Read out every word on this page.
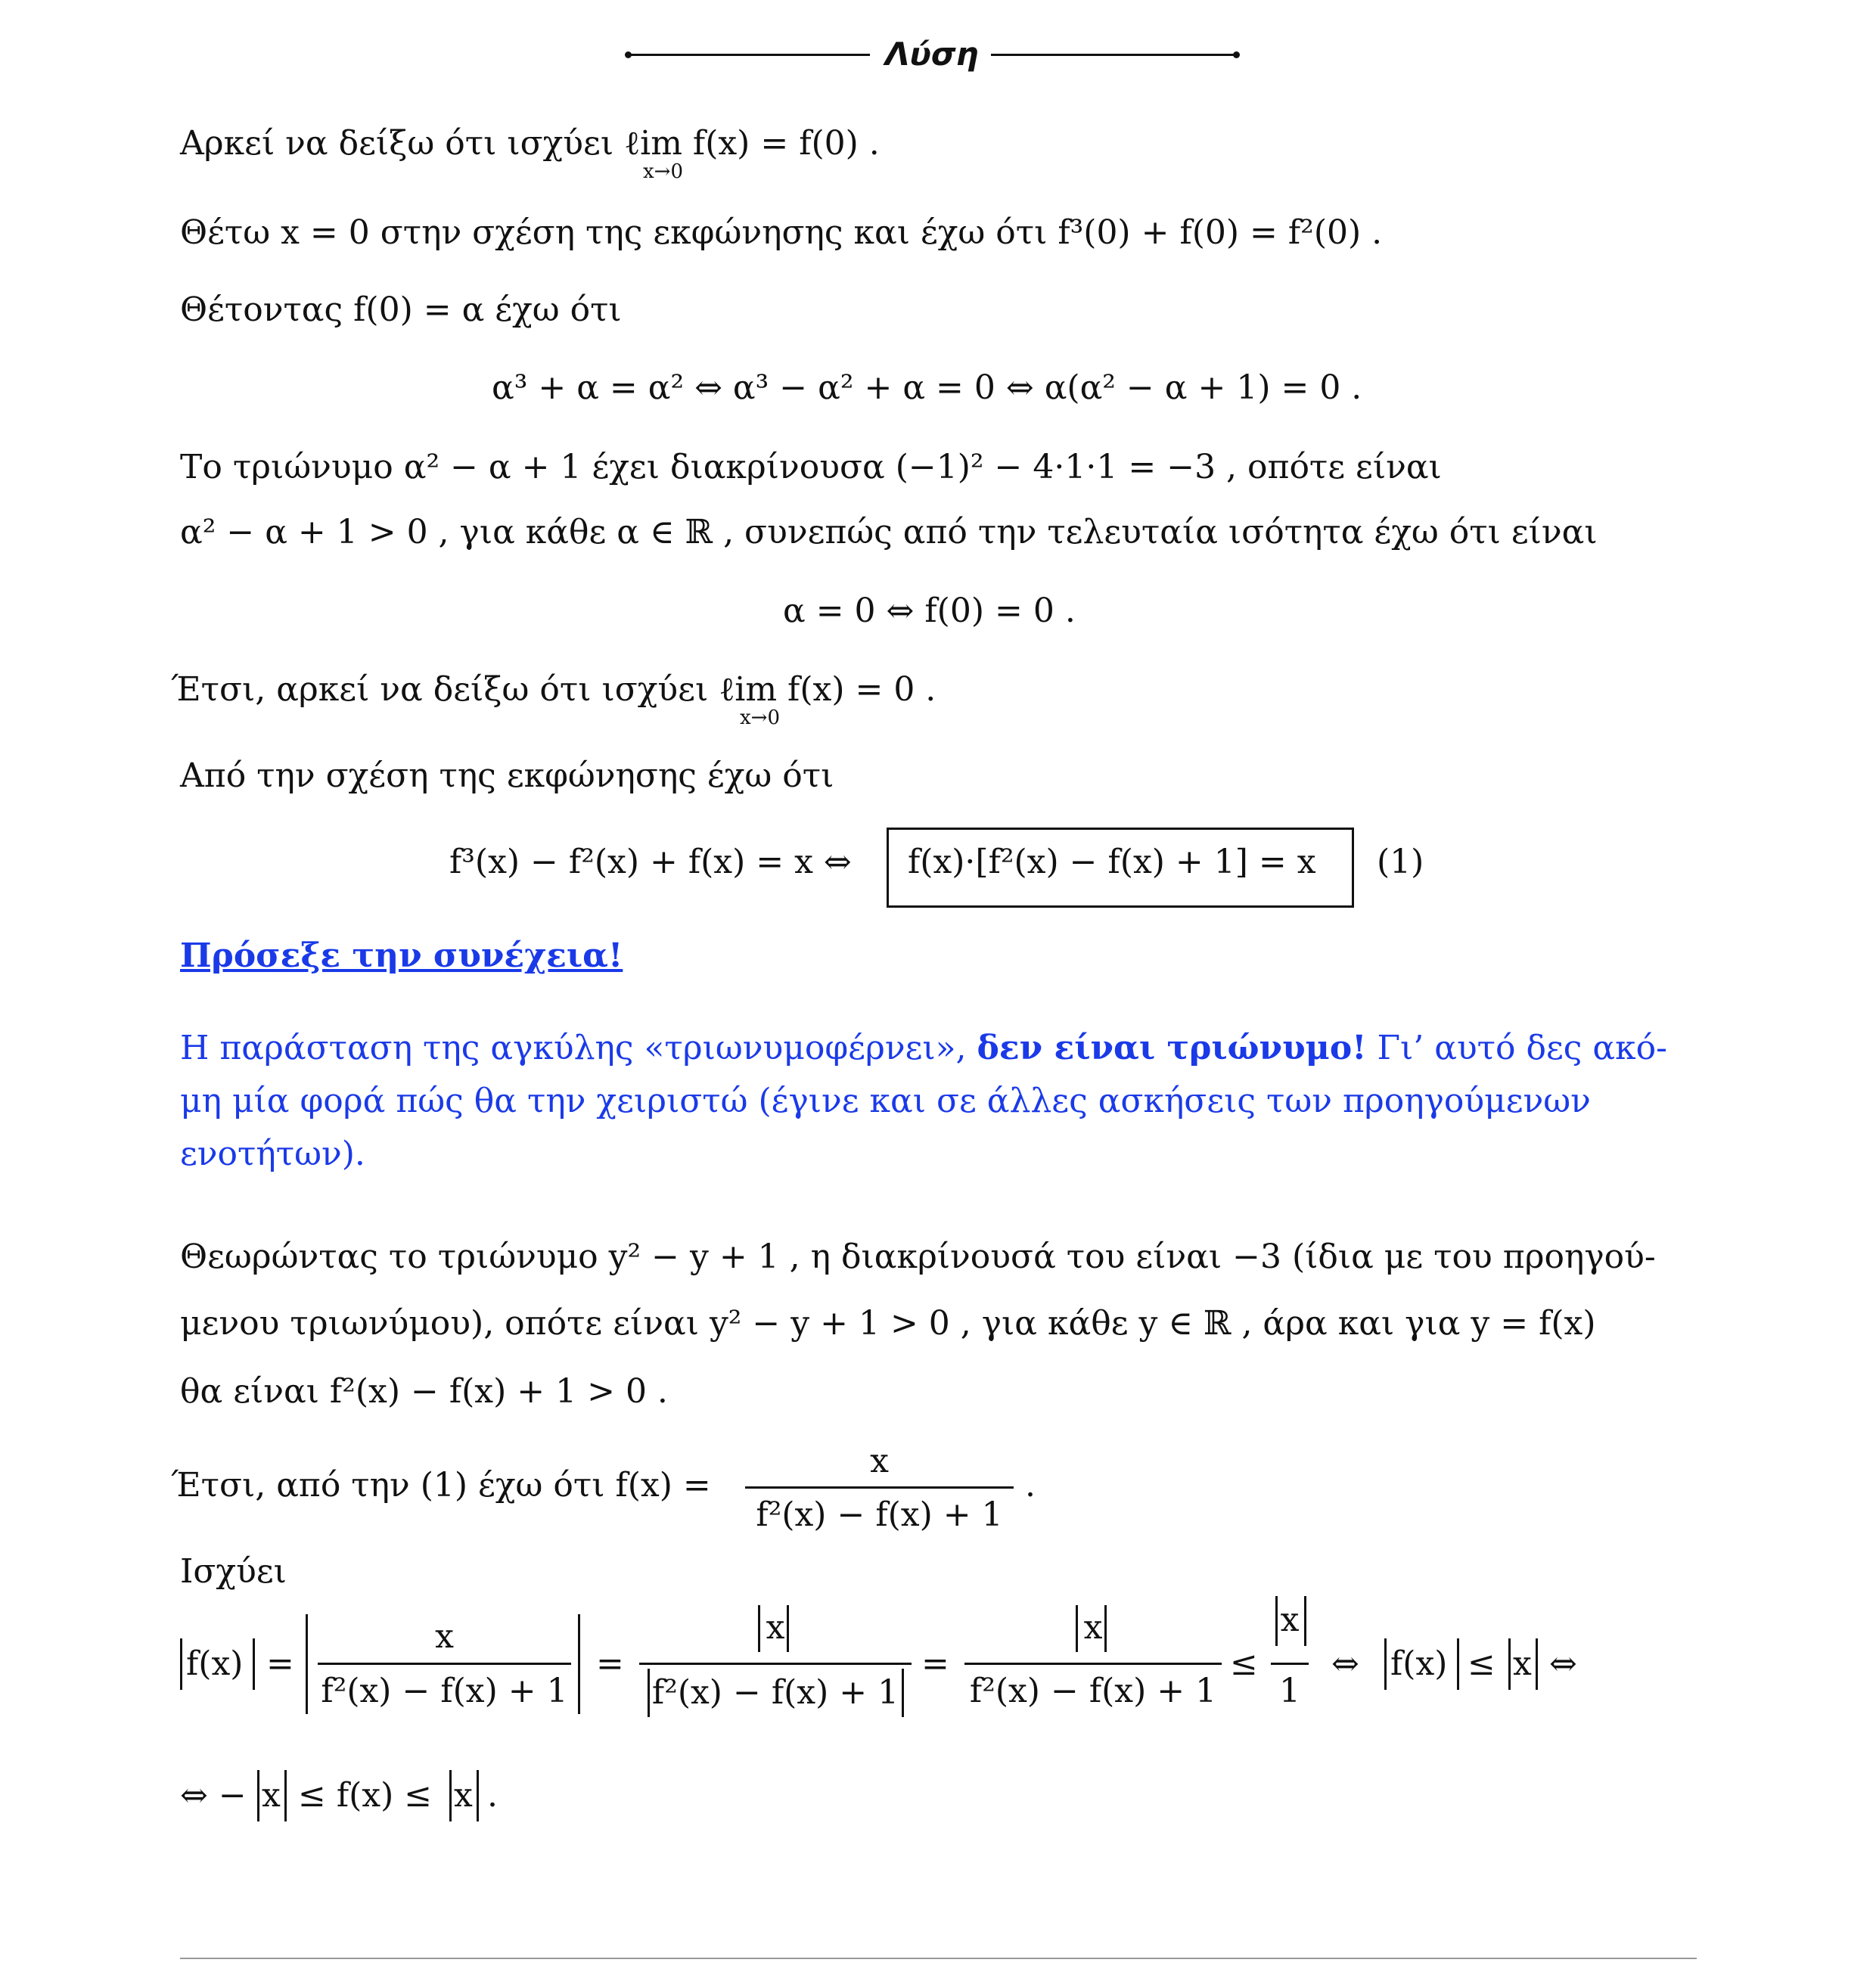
Λύση
Αρκεί να δείξω ότι ισχύει ℓim f(x) = f(0) .
x→0
Θέτω x = 0 στην σχέση της εκφώνησης και έχω ότι f³(0) + f(0) = f²(0) .
Θέτοντας f(0) = α έχω ότι
α³ + α = α² ⇔ α³ − α² + α = 0 ⇔ α(α² − α + 1) = 0 .
Το τριώνυμο α² − α + 1 έχει διακρίνουσα (−1)² − 4·1·1 = −3 , οπότε είναι
α² − α + 1 > 0 , για κάθε α ∈ ℝ , συνεπώς από την τελευταία ισότητα έχω ότι είναι
α = 0 ⇔ f(0) = 0 .
Έτσι, αρκεί να δείξω ότι ισχύει ℓim f(x) = 0 .
x→0
Από την σχέση της εκφώνησης έχω ότι
f³(x) − f²(x) + f(x) = x ⇔ f(x)·[f²(x) − f(x) + 1] = x (1)
Πρόσεξε την συνέχεια!
Η παράσταση της αγκύλης «τριωνυμοφέρνει», δεν είναι τριώνυμο! Γι’ αυτό δες ακό-
μη μία φορά πώς θα την χειριστώ (έγινε και σε άλλες ασκήσεις των προηγούμενων
ενοτήτων).
Θεωρώντας το τριώνυμο y² − y + 1 , η διακρίνουσά του είναι −3 (ίδια με του προηγού-
μενου τριωνύμου), οπότε είναι y² − y + 1 > 0 , για κάθε y ∈ ℝ , άρα και για y = f(x)
θα είναι f²(x) − f(x) + 1 > 0 .
Έτσι, από την (1) έχω ότι f(x) =
x
f²(x) − f(x) + 1
.
Ισχύει
f(x) =
x
f²(x) − f(x) + 1
=
x
f²(x) − f(x) + 1
=
x
f²(x) − f(x) + 1
≤
x
1
⇔ f(x) ≤ x ⇔
⇔ − x ≤ f(x) ≤ x .
